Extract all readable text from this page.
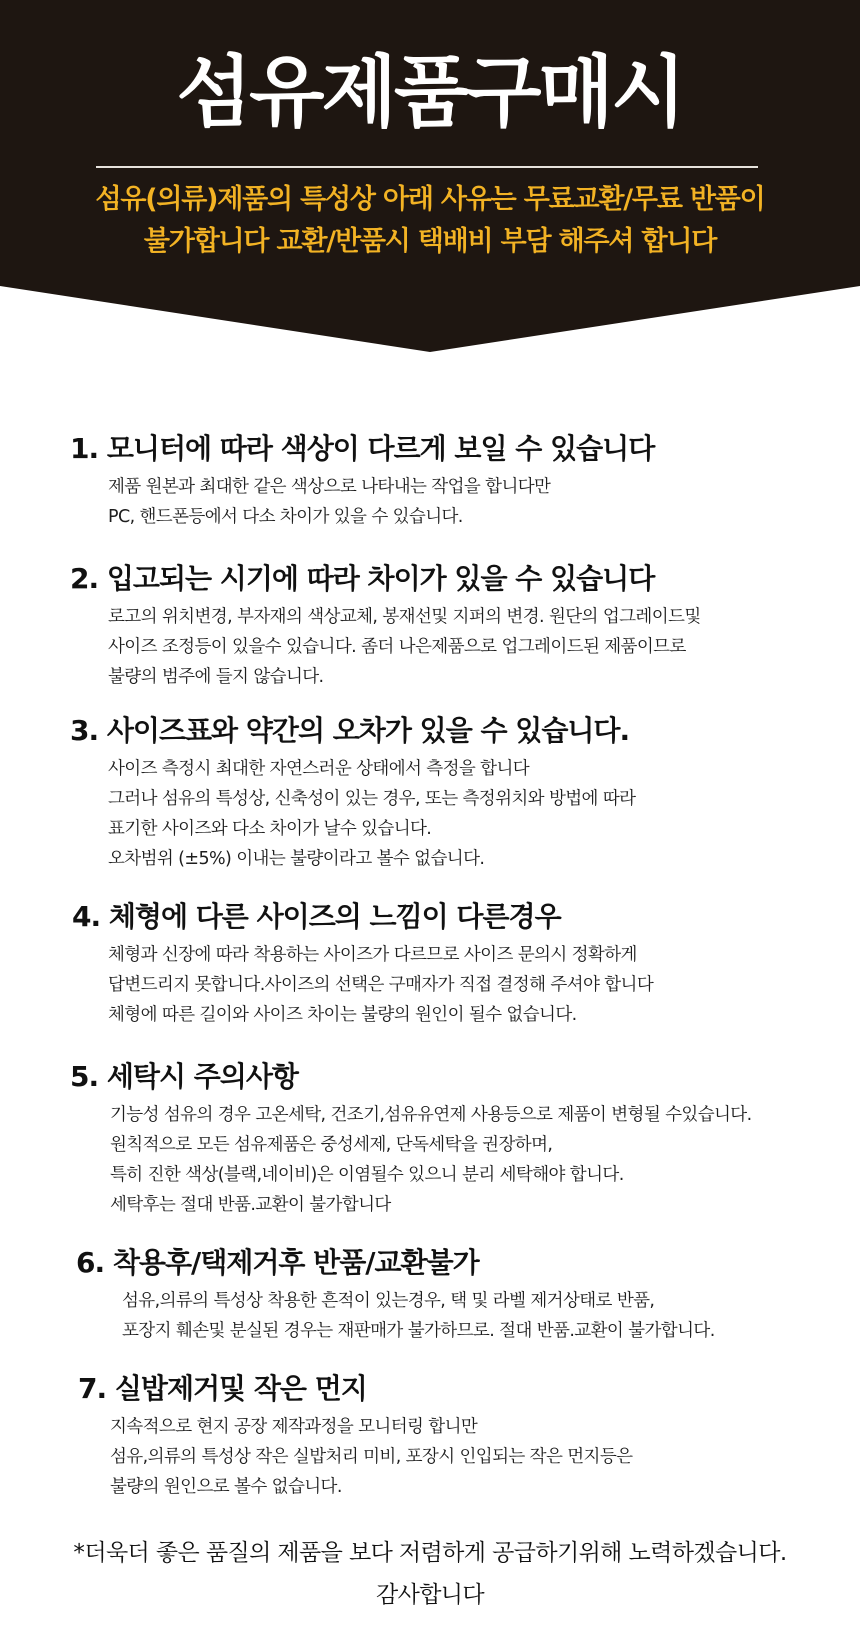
섬유제품구매시
섬유(의류)제품의 특성상 아래 사유는 무료교환/무료 반품이
불가합니다 교환/반품시 택배비 부담 해주셔 합니다
1. 모니터에 따라 색상이 다르게 보일 수 있습니다
제품 원본과 최대한 같은 색상으로 나타내는 작업을 합니다만
PC, 핸드폰등에서 다소 차이가 있을 수 있습니다.
2. 입고되는 시기에 따라 차이가 있을 수 있습니다
로고의 위치변경, 부자재의 색상교체, 봉재선및 지퍼의 변경. 원단의 업그레이드및
사이즈 조정등이 있을수 있습니다. 좀더 나은제품으로 업그레이드된 제품이므로
불량의 범주에 들지 않습니다.
3. 사이즈표와 약간의 오차가 있을 수 있습니다.
사이즈 측정시 최대한 자연스러운 상태에서 측정을 합니다
그러나 섬유의 특성상, 신축성이 있는 경우, 또는 측정위치와 방법에 따라
표기한 사이즈와 다소 차이가 날수 있습니다.
오차범위 (±5%) 이내는 불량이라고 볼수 없습니다.
4. 체형에 다른 사이즈의 느낌이 다른경우
체형과 신장에 따라 착용하는 사이즈가 다르므로 사이즈 문의시 정확하게
답변드리지 못합니다.사이즈의 선택은 구매자가 직접 결정해 주셔야 합니다
체형에 따른 길이와 사이즈 차이는 불량의 원인이 될수 없습니다.
5. 세탁시 주의사항
기능성 섬유의 경우 고온세탁, 건조기,섬유유연제 사용등으로 제품이 변형될 수있습니다.
원칙적으로 모든 섬유제품은 중성세제, 단독세탁을 권장하며,
특히 진한 색상(블랙,네이비)은 이염될수 있으니 분리 세탁해야 합니다.
세탁후는 절대 반품.교환이 불가합니다
6. 착용후/택제거후 반품/교환불가
섬유,의류의 특성상 착용한 흔적이 있는경우, 택 및 라벨 제거상태로 반품,
포장지 훼손및 분실된 경우는 재판매가 불가하므로. 절대 반품.교환이 불가합니다.
7. 실밥제거및 작은 먼지
지속적으로 현지 공장 제작과정을 모니터링 합니만
섬유,의류의 특성상 작은 실밥처리 미비, 포장시 인입되는 작은 먼지등은
불량의 원인으로 볼수 없습니다.
*더욱더 좋은 품질의 제품을 보다 저렴하게 공급하기위해 노력하겠습니다.
감사합니다
